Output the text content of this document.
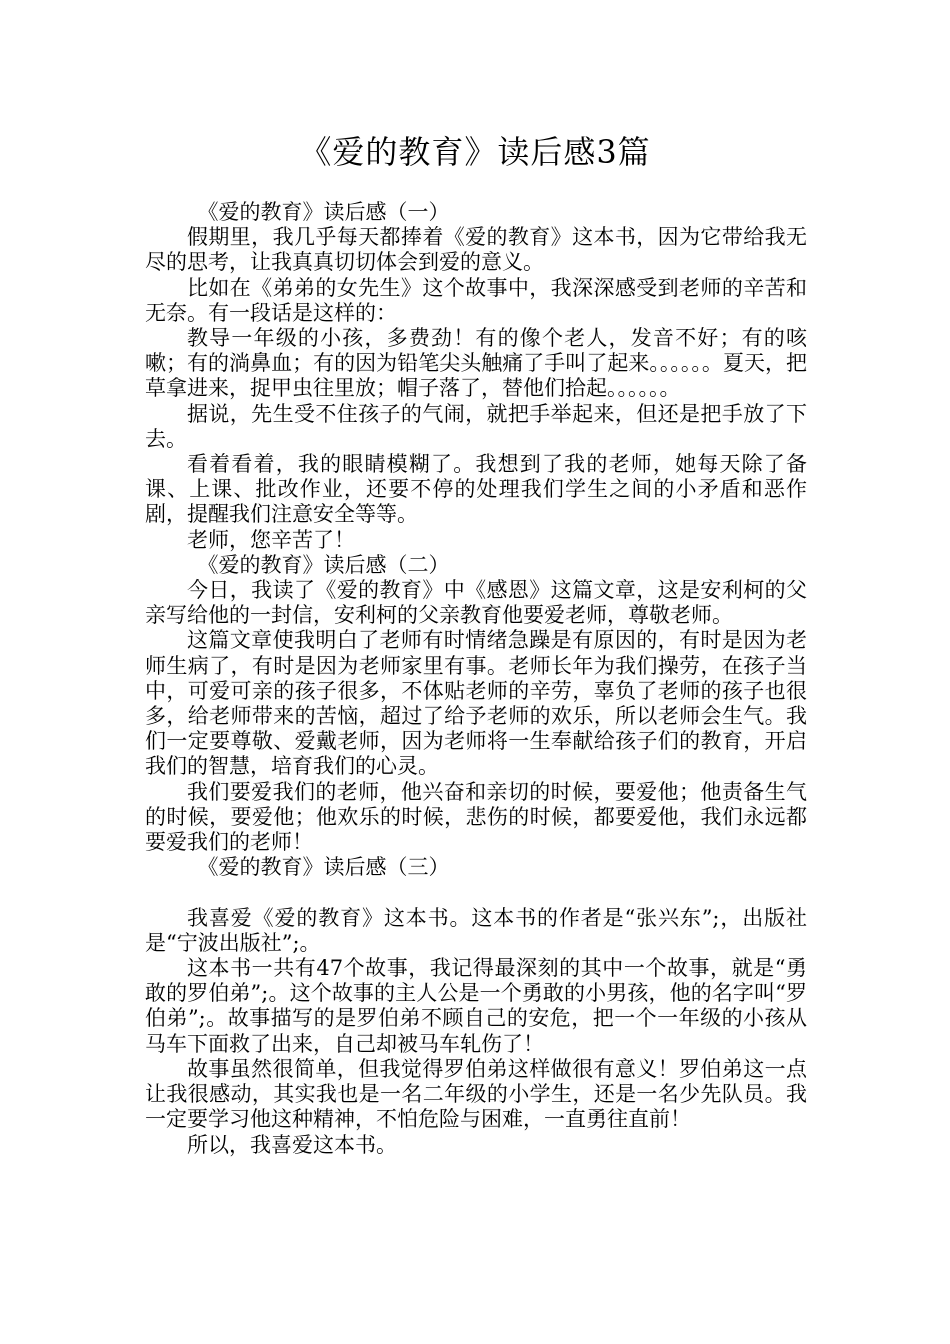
《爱的教育》读后感3篇

《爱的教育》读后感（一）

假期里，我几乎每天都捧着《爱的教育》这本书，因为它带给我无尽的思考，让我真真切切体会到爱的意义。

比如在《弟弟的女先生》这个故事中，我深深感受到老师的辛苦和无奈。有一段话是这样的：

教导一年级的小孩，多费劲！有的像个老人，发音不好；有的咳嗽；有的淌鼻血；有的因为铅笔尖头触痛了手叫了起来。。。。。。夏天，把草拿进来，捉甲虫往里放；帽子落了，替他们拾起。。。。。。

据说，先生受不住孩子的气闹，就把手举起来，但还是把手放了下去。

看着看着，我的眼睛模糊了。我想到了我的老师，她每天除了备课、上课、批改作业，还要不停的处理我们学生之间的小矛盾和恶作剧，提醒我们注意安全等等。

老师，您辛苦了！

《爱的教育》读后感（二）

今日，我读了《爱的教育》中《感恩》这篇文章，这是安利柯的父亲写给他的一封信，安利柯的父亲教育他要爱老师，尊敬老师。

这篇文章使我明白了老师有时情绪急躁是有原因的，有时是因为老师生病了，有时是因为老师家里有事。老师长年为我们操劳，在孩子当中，可爱可亲的孩子很多，不体贴老师的辛劳，辜负了老师的孩子也很多，给老师带来的苦恼，超过了给予老师的欢乐，所以老师会生气。我们一定要尊敬、爱戴老师，因为老师将一生奉献给孩子们的教育，开启我们的智慧，培育我们的心灵。

我们要爱我们的老师，他兴奋和亲切的时候，要爱他；他责备生气的时候，要爱他；他欢乐的时候，悲伤的时候，都要爱他，我们永远都要爱我们的老师！

《爱的教育》读后感（三）

我喜爱《爱的教育》这本书。这本书的作者是“张兴东”;，出版社是“宁波出版社”;。

这本书一共有47个故事，我记得最深刻的其中一个故事，就是“勇敢的罗伯弟”;。这个故事的主人公是一个勇敢的小男孩，他的名字叫“罗伯弟”;。故事描写的是罗伯弟不顾自己的安危，把一个一年级的小孩从马车下面救了出来，自己却被马车轧伤了！

故事虽然很简单，但我觉得罗伯弟这样做很有意义！罗伯弟这一点让我很感动，其实我也是一名二年级的小学生，还是一名少先队员。我一定要学习他这种精神，不怕危险与困难，一直勇往直前！

所以，我喜爱这本书。
